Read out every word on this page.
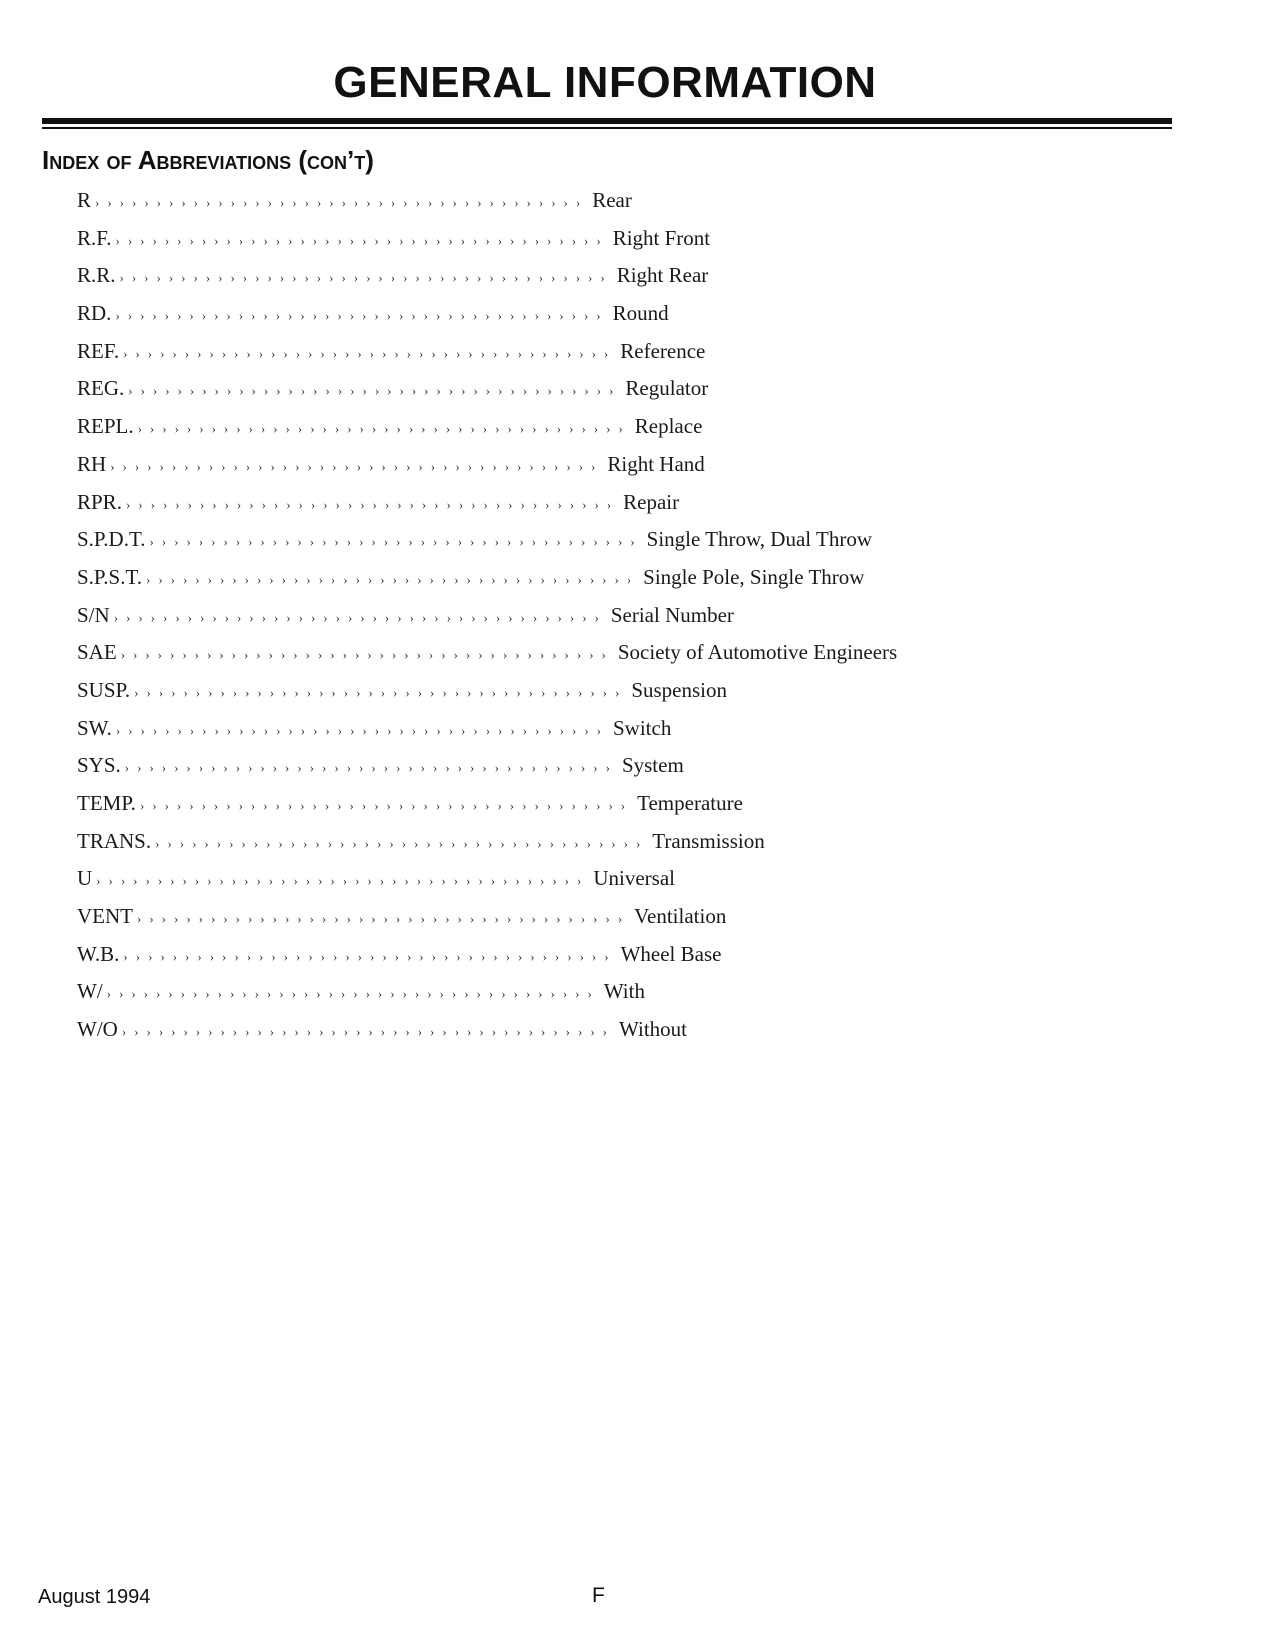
GENERAL INFORMATION
Index of Abbreviations (con’t)
R ›››››››››››››››››››››››››››››››››››››››› Rear
R.F. ›››››››››››››››››››››››››››››››››››››››› Right Front
R.R. ›››››››››››››››››››››››››››››››››››››››› Right Rear
RD. ›››››››››››››››››››››››››››››››››››››››› Round
REF. ›››››››››››››››››››››››››››››››››››››››› Reference
REG. ›››››››››››››››››››››››››››››››››››››››› Regulator
REPL. ›››››››››››››››››››››››››››››››››››››››› Replace
RH ›››››››››››››››››››››››››››››››››››››››› Right Hand
RPR. ›››››››››››››››››››››››››››››››››››››››› Repair
S.P.D.T. ›››››››››››››››››››››››››››››››››››››››› Single Throw, Dual Throw
S.P.S.T. ›››››››››››››››››››››››››››››››››››››››› Single Pole, Single Throw
S/N ›››››››››››››››››››››››››››››››››››››››› Serial Number
SAE ›››››››››››››››››››››››››››››››››››››››› Society of Automotive Engineers
SUSP. ›››››››››››››››››››››››››››››››››››››››› Suspension
SW. ›››››››››››››››››››››››››››››››››››››››› Switch
SYS. ›››››››››››››››››››››››››››››››››››››››› System
TEMP. ›››››››››››››››››››››››››››››››››››››››› Temperature
TRANS. ›››››››››››››››››››››››››››››››››››››››› Transmission
U ›››››››››››››››››››››››››››››››››››››››› Universal
VENT ›››››››››››››››››››››››››››››››››››››››› Ventilation
W.B. ›››››››››››››››››››››››››››››››››››››››› Wheel Base
W/ ›››››››››››››››››››››››››››››››››››››››› With
W/O ›››››››››››››››››››››››››››››››››››››››› Without
August 1994	F
